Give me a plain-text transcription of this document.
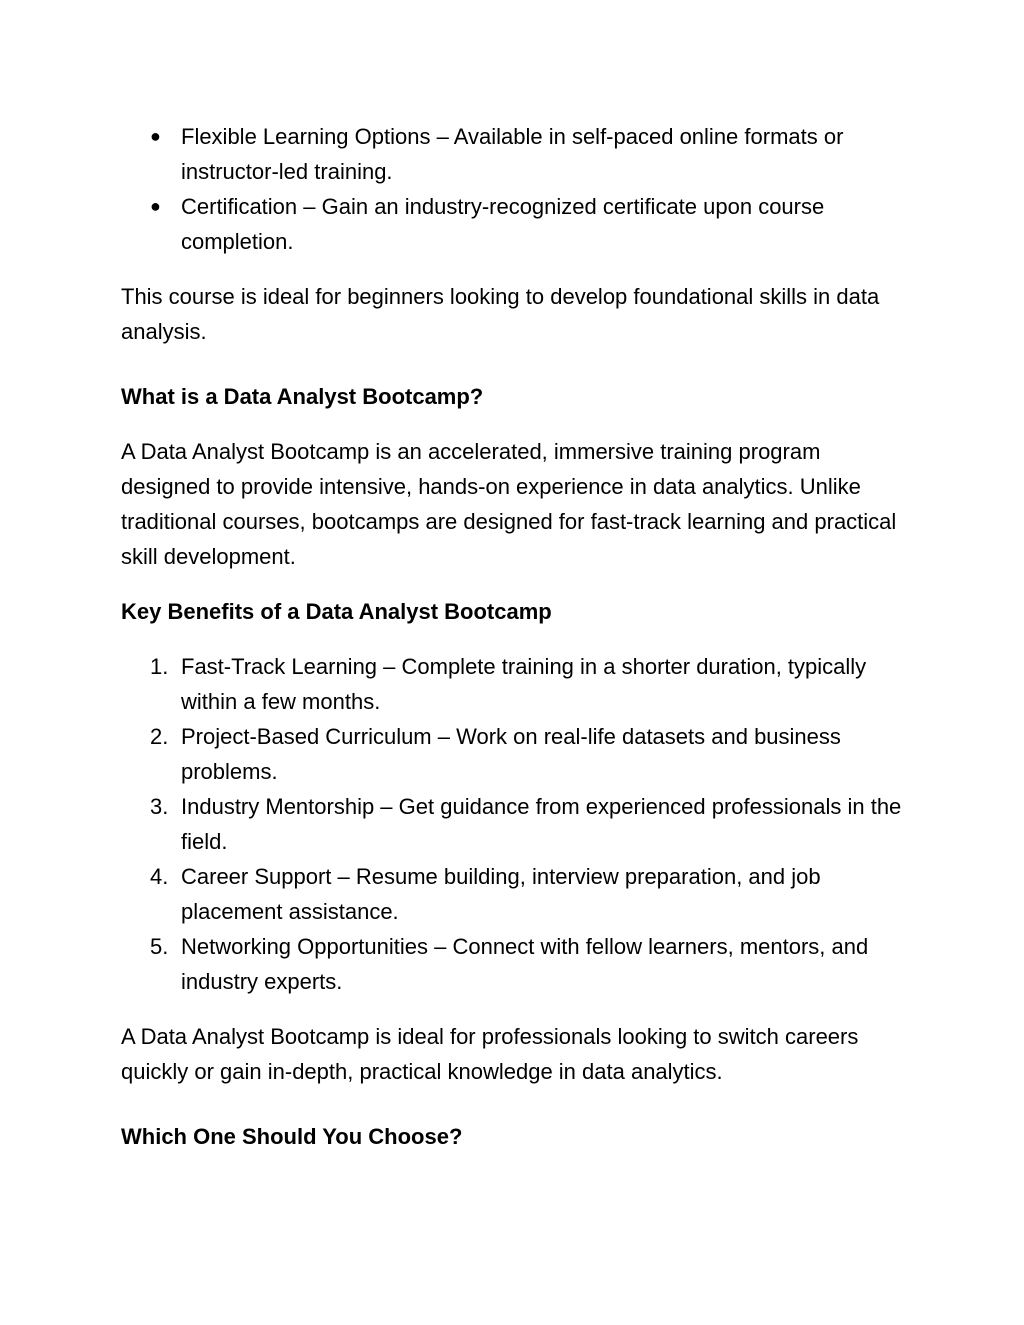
● Flexible Learning Options – Available in self-paced online formats or instructor-led training.
● Certification – Gain an industry-recognized certificate upon course completion.

This course is ideal for beginners looking to develop foundational skills in data analysis.

What is a Data Analyst Bootcamp?

A Data Analyst Bootcamp is an accelerated, immersive training program designed to provide intensive, hands-on experience in data analytics. Unlike traditional courses, bootcamps are designed for fast-track learning and practical skill development.

Key Benefits of a Data Analyst Bootcamp

1. Fast-Track Learning – Complete training in a shorter duration, typically within a few months.
2. Project-Based Curriculum – Work on real-life datasets and business problems.
3. Industry Mentorship – Get guidance from experienced professionals in the field.
4. Career Support – Resume building, interview preparation, and job placement assistance.
5. Networking Opportunities – Connect with fellow learners, mentors, and industry experts.

A Data Analyst Bootcamp is ideal for professionals looking to switch careers quickly or gain in-depth, practical knowledge in data analytics.

Which One Should You Choose?
